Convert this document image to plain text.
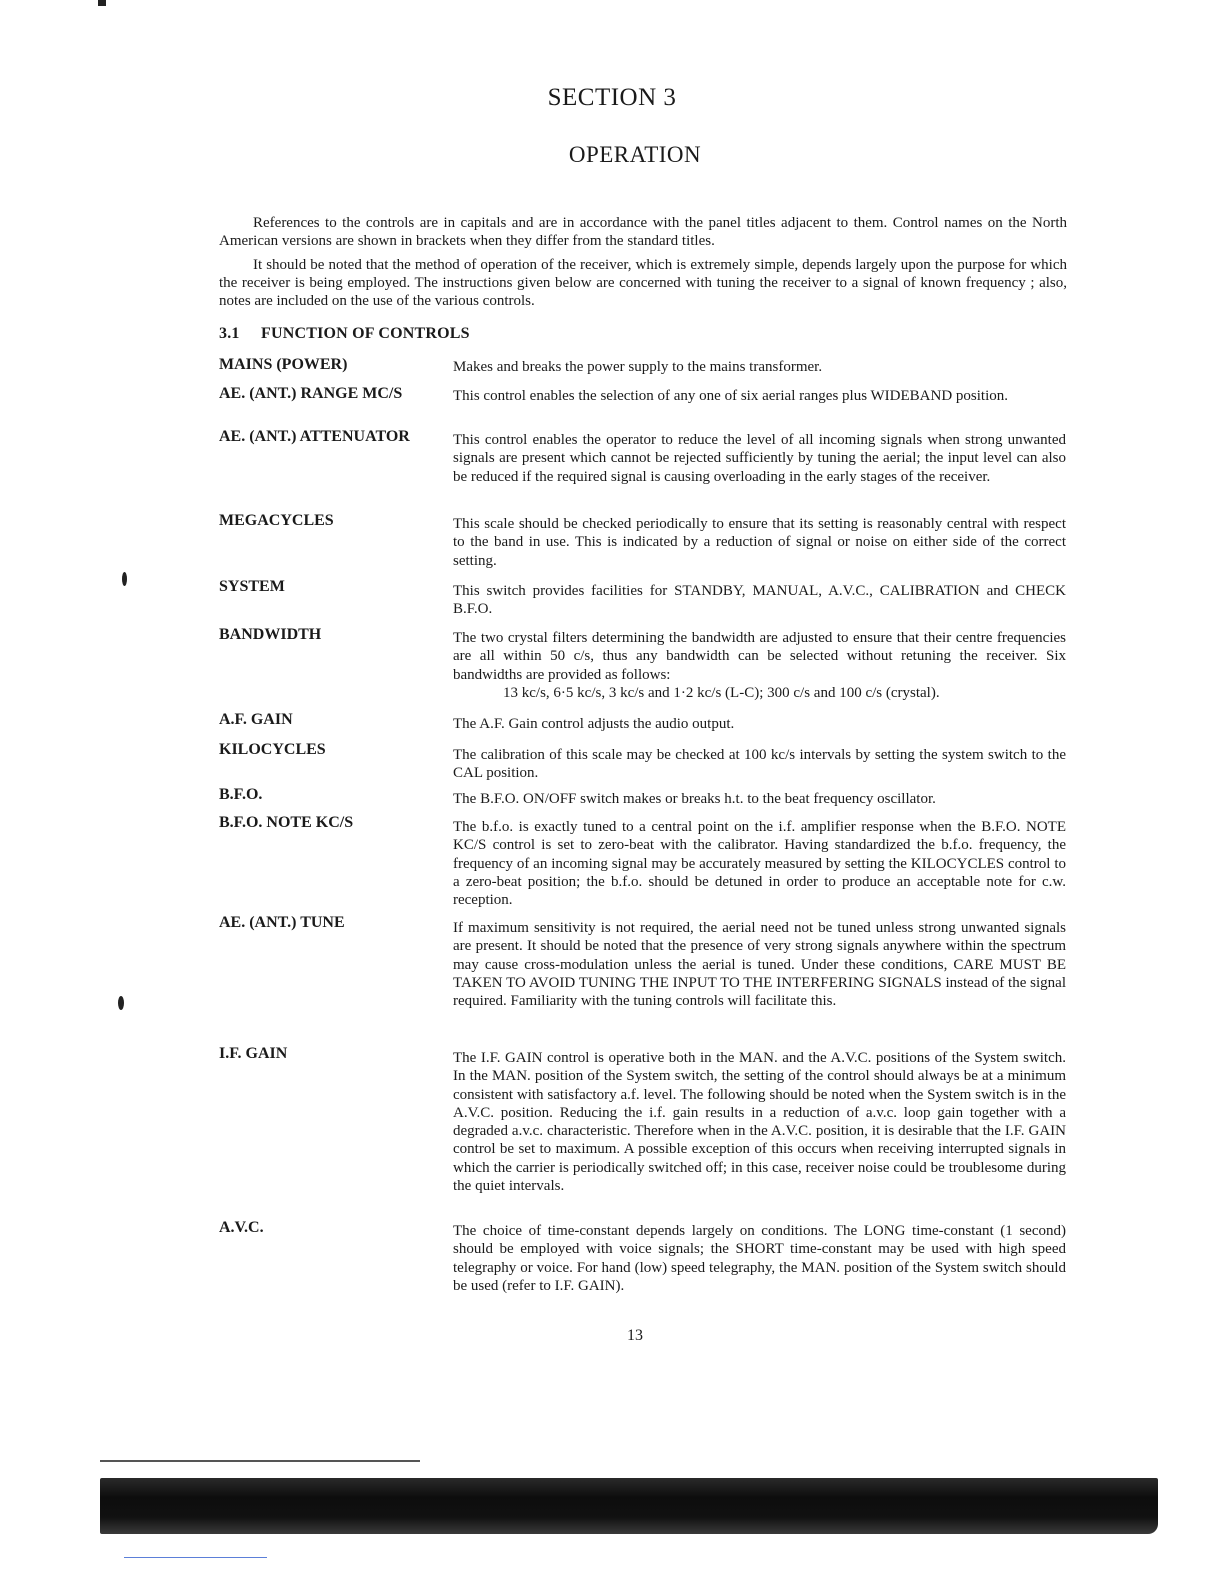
SECTION 3
OPERATION

References to the controls are in capitals and are in accordance with the panel titles adjacent to them. Control names on the North American versions are shown in brackets when they differ from the standard titles.

It should be noted that the method of operation of the receiver, which is extremely simple, depends largely upon the purpose for which the receiver is being employed. The instructions given below are concerned with tuning the receiver to a signal of known frequency ; also, notes are included on the use of the various controls.

3.1 FUNCTION OF CONTROLS
MAINS (POWER)	Makes and breaks the power supply to the mains transformer.
AE. (ANT.) RANGE MC/S	This control enables the selection of any one of six aerial ranges plus WIDEBAND position.
AE. (ANT.) ATTENUATOR	This control enables the operator to reduce the level of all incoming signals when strong unwanted signals are present which cannot be rejected sufficiently by tuning the aerial; the input level can also be reduced if the required signal is causing overloading in the early stages of the receiver.
MEGACYCLES	This scale should be checked periodically to ensure that its setting is reasonably central with respect to the band in use. This is indicated by a reduction of signal or noise on either side of the correct setting.
SYSTEM	This switch provides facilities for STANDBY, MANUAL, A.V.C., CALIBRATION and CHECK B.F.O.
BANDWIDTH	The two crystal filters determining the bandwidth are adjusted to ensure that their centre frequencies are all within 50 c/s, thus any bandwidth can be selected without retuning the receiver. Six bandwidths are provided as follows:
13 kc/s, 6·5 kc/s, 3 kc/s and 1·2 kc/s (L-C); 300 c/s and 100 c/s (crystal).
A.F. GAIN	The A.F. Gain control adjusts the audio output.
KILOCYCLES	The calibration of this scale may be checked at 100 kc/s intervals by setting the system switch to the CAL position.
B.F.O.	The B.F.O. ON/OFF switch makes or breaks h.t. to the beat frequency oscillator.
B.F.O. NOTE KC/S	The b.f.o. is exactly tuned to a central point on the i.f. amplifier response when the B.F.O. NOTE KC/S control is set to zero-beat with the calibrator. Having standardized the b.f.o. frequency, the frequency of an incoming signal may be accurately measured by setting the KILOCYCLES control to a zero-beat position; the b.f.o. should be detuned in order to produce an acceptable note for c.w. reception.
AE. (ANT.) TUNE	If maximum sensitivity is not required, the aerial need not be tuned unless strong unwanted signals are present. It should be noted that the presence of very strong signals anywhere within the spectrum may cause cross-modulation unless the aerial is tuned. Under these conditions, CARE MUST BE TAKEN TO AVOID TUNING THE INPUT TO THE INTERFERING SIGNALS instead of the signal required. Familiarity with the tuning controls will facilitate this.
I.F. GAIN	The I.F. GAIN control is operative both in the MAN. and the A.V.C. positions of the System switch. In the MAN. position of the System switch, the setting of the control should always be at a minimum consistent with satisfactory a.f. level. The following should be noted when the System switch is in the A.V.C. position. Reducing the i.f. gain results in a reduction of a.v.c. loop gain together with a degraded a.v.c. characteristic. Therefore when in the A.V.C. position, it is desirable that the I.F. GAIN control be set to maximum. A possible exception of this occurs when receiving interrupted signals in which the carrier is periodically switched off; in this case, receiver noise could be troublesome during the quiet intervals.
A.V.C.	The choice of time-constant depends largely on conditions. The LONG time-constant (1 second) should be employed with voice signals; the SHORT time-constant may be used with high speed telegraphy or voice. For hand (low) speed telegraphy, the MAN. position of the System switch should be used (refer to I.F. GAIN).
13
